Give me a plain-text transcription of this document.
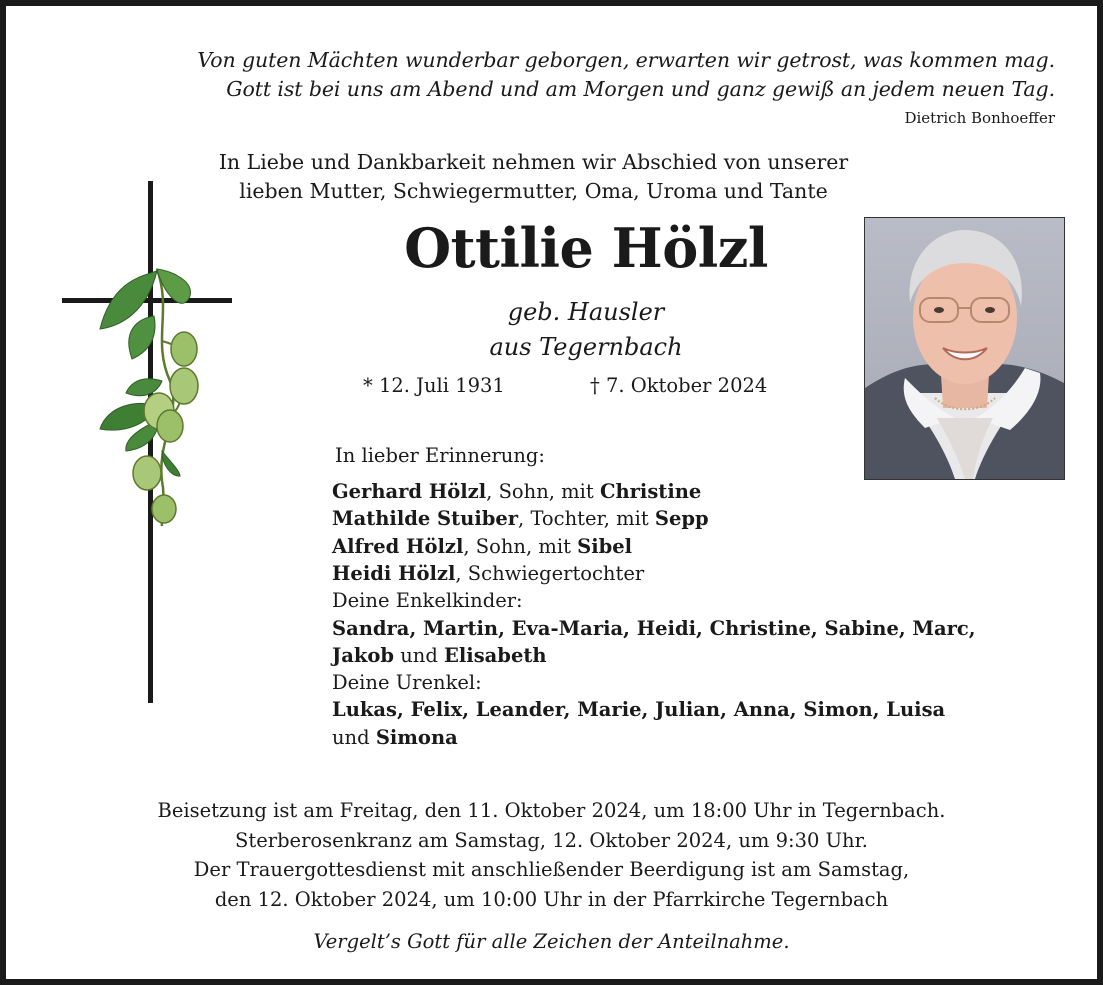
Von guten Mächten wunderbar geborgen, erwarten wir getrost, was kommen mag.
Gott ist bei uns am Abend und am Morgen und ganz gewiß an jedem neuen Tag.
Dietrich Bonhoeffer
In Liebe und Dankbarkeit nehmen wir Abschied von unserer
lieben Mutter, Schwiegermutter, Oma, Uroma und Tante
Ottilie Hölzl
geb. Hausler
aus Tegernbach
* 12. Juli 1931	† 7. Oktober 2024
In lieber Erinnerung:
Gerhard Hölzl, Sohn, mit Christine
Mathilde Stuiber, Tochter, mit Sepp
Alfred Hölzl, Sohn, mit Sibel
Heidi Hölzl, Schwiegertochter
Deine Enkelkinder:
Sandra, Martin, Eva-Maria, Heidi, Christine, Sabine, Marc,
Jakob und Elisabeth
Deine Urenkel:
Lukas, Felix, Leander, Marie, Julian, Anna, Simon, Luisa
und Simona
Beisetzung ist am Freitag, den 11. Oktober 2024, um 18:00 Uhr in Tegernbach.
Sterberosenkranz am Samstag, 12. Oktober 2024, um 9:30 Uhr.
Der Trauergottesdienst mit anschließender Beerdigung ist am Samstag,
den 12. Oktober 2024, um 10:00 Uhr in der Pfarrkirche Tegernbach
Vergelt’s Gott für alle Zeichen der Anteilnahme.
